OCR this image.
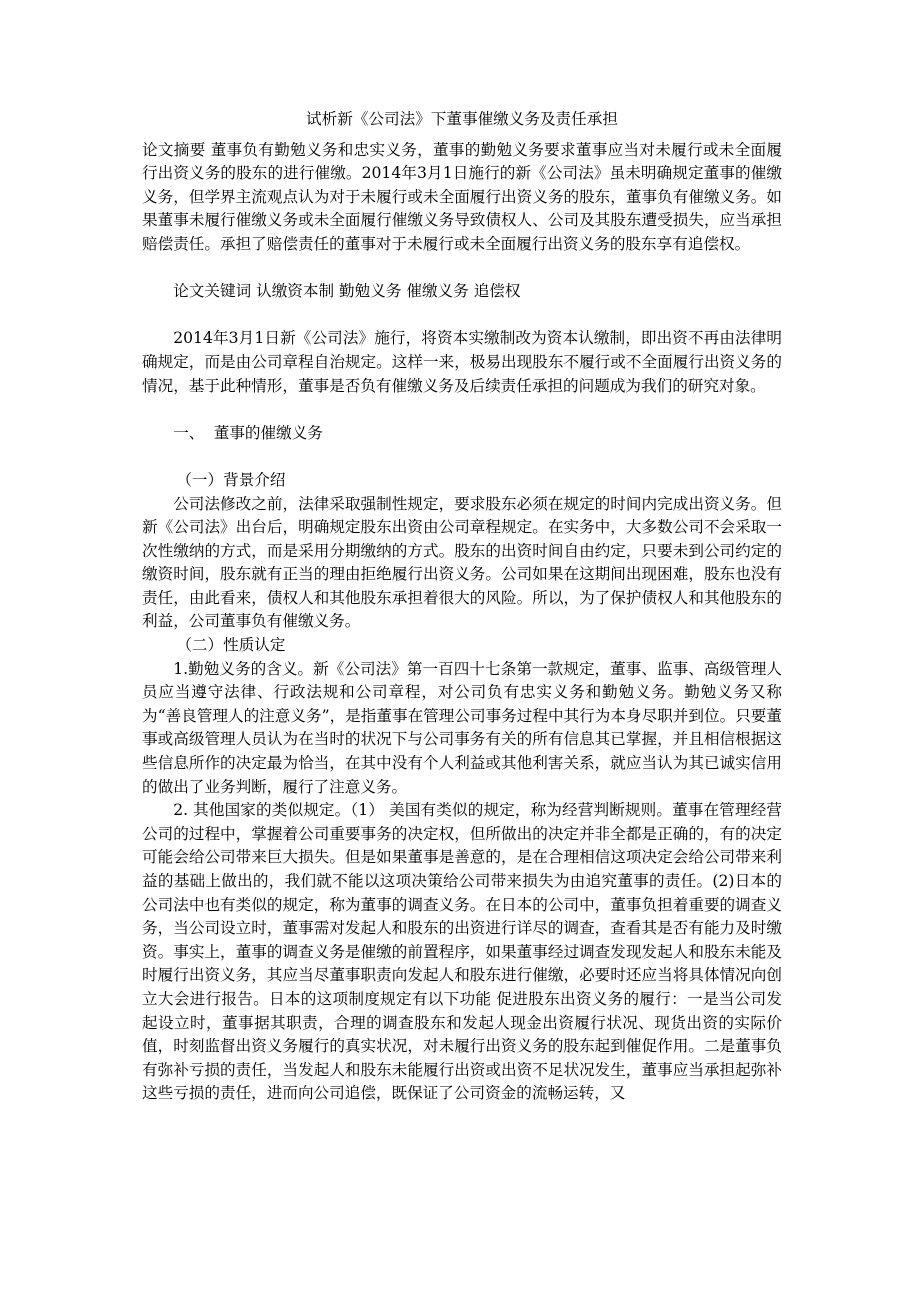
试析新《公司法》下董事催缴义务及责任承担

论文摘要 董事负有勤勉义务和忠实义务，董事的勤勉义务要求董事应当对未履行或未全面履行出资义务的股东的进行催缴。2014年3月1日施行的新《公司法》虽未明确规定董事的催缴义务，但学界主流观点认为对于未履行或未全面履行出资义务的股东，董事负有催缴义务。如果董事未履行催缴义务或未全面履行催缴义务导致债权人、公司及其股东遭受损失，应当承担赔偿责任。承担了赔偿责任的董事对于未履行或未全面履行出资义务的股东享有追偿权。

论文关键词 认缴资本制 勤勉义务 催缴义务 追偿权

2014年3月1日新《公司法》施行，将资本实缴制改为资本认缴制，即出资不再由法律明确规定，而是由公司章程自治规定。这样一来，极易出现股东不履行或不全面履行出资义务的情况，基于此种情形，董事是否负有催缴义务及后续责任承担的问题成为我们的研究对象。

一、 董事的催缴义务

（一）背景介绍

公司法修改之前，法律采取强制性规定，要求股东必须在规定的时间内完成出资义务。但新《公司法》出台后，明确规定股东出资由公司章程规定。在实务中，大多数公司不会采取一次性缴纳的方式，而是采用分期缴纳的方式。股东的出资时间自由约定，只要未到公司约定的缴资时间，股东就有正当的理由拒绝履行出资义务。公司如果在这期间出现困难，股东也没有责任，由此看来，债权人和其他股东承担着很大的风险。所以，为了保护债权人和其他股东的利益，公司董事负有催缴义务。

（二）性质认定

1.勤勉义务的含义。新《公司法》第一百四十七条第一款规定，董事、监事、高级管理人员应当遵守法律、行政法规和公司章程，对公司负有忠实义务和勤勉义务。勤勉义务又称为“善良管理人的注意义务”，是指董事在管理公司事务过程中其行为本身尽职并到位。只要董事或高级管理人员认为在当时的状况下与公司事务有关的所有信息其已掌握，并且相信根据这些信息所作的决定最为恰当，在其中没有个人利益或其他利害关系，就应当认为其已诚实信用的做出了业务判断，履行了注意义务。

2. 其他国家的类似规定。（1） 美国有类似的规定，称为经营判断规则。董事在管理经营公司的过程中，掌握着公司重要事务的决定权，但所做出的决定并非全都是正确的，有的决定可能会给公司带来巨大损失。但是如果董事是善意的，是在合理相信这项决定会给公司带来利益的基础上做出的，我们就不能以这项决策给公司带来损失为由追究董事的责任。(2)日本的公司法中也有类似的规定，称为董事的调查义务。在日本的公司中，董事负担着重要的调查义务，当公司设立时，董事需对发起人和股东的出资进行详尽的调查，查看其是否有能力及时缴资。事实上，董事的调查义务是催缴的前置程序，如果董事经过调查发现发起人和股东未能及时履行出资义务，其应当尽董事职责向发起人和股东进行催缴，必要时还应当将具体情况向创立大会进行报告。日本的这项制度规定有以下功能 促进股东出资义务的履行：一是当公司发起设立时，董事据其职责，合理的调查股东和发起人现金出资履行状况、现货出资的实际价值，时刻监督出资义务履行的真实状况，对未履行出资义务的股东起到催促作用。二是董事负有弥补亏损的责任，当发起人和股东未能履行出资或出资不足状况发生，董事应当承担起弥补这些亏损的责任，进而向公司追偿，既保证了公司资金的流畅运转，又
